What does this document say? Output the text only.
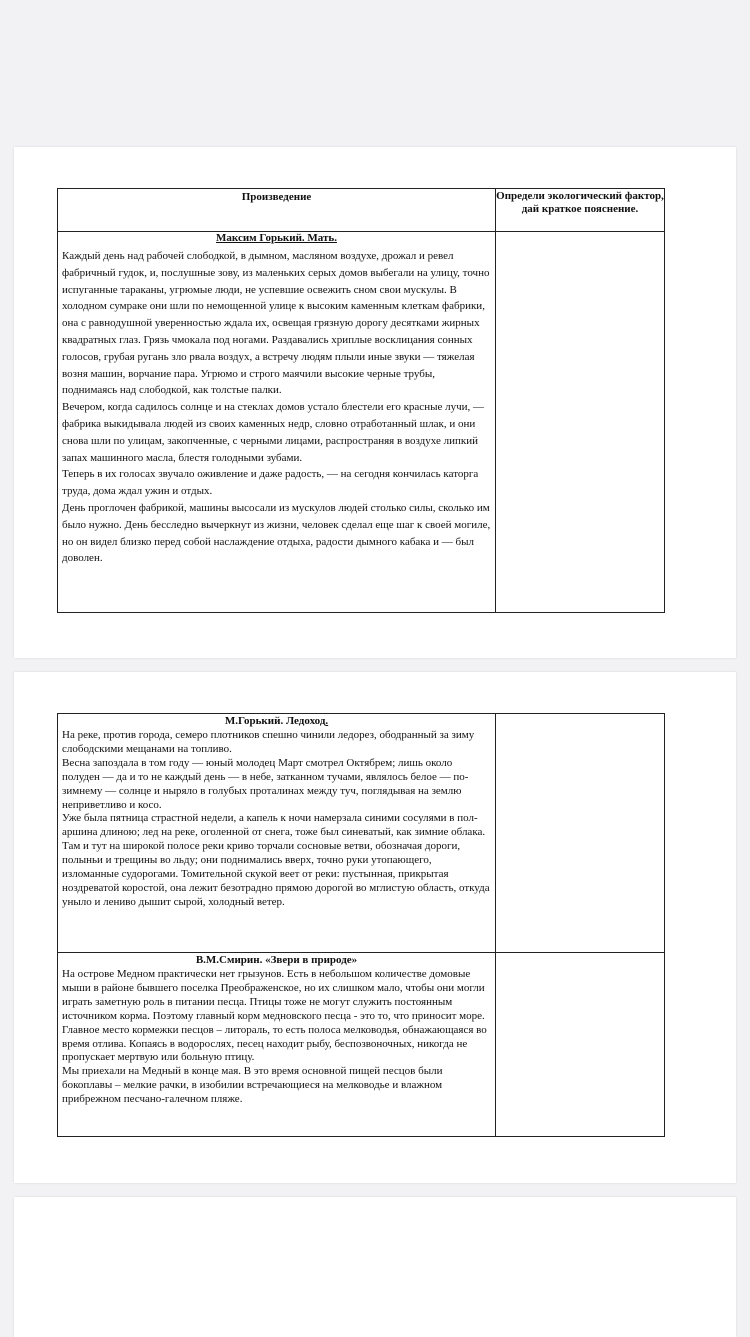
Произведение	Определи экологический фактор, дай краткое пояснение.

Максим Горький. Мать.

Каждый день над рабочей слободкой, в дымном, масляном воздухе, дрожал и ревел фабричный гудок, и, послушные зову, из маленьких серых домов выбегали на улицу, точно испуганные тараканы, угрюмые люди, не успевшие освежить сном свои мускулы. В холодном сумраке они шли по немощенной улице к высоким каменным клеткам фабрики, она с равнодушной уверенностью ждала их, освещая грязную дорогу десятками жирных квадратных глаз. Грязь чмокала под ногами. Раздавались хриплые восклицания сонных голосов, грубая ругань зло рвала воздух, а встречу людям плыли иные звуки — тяжелая возня машин, ворчание пара. Угрюмо и строго маячили высокие черные трубы, поднимаясь над слободкой, как толстые палки.

Вечером, когда садилось солнце и на стеклах домов устало блестели его красные лучи, — фабрика выкидывала людей из своих каменных недр, словно отработанный шлак, и они снова шли по улицам, закопченные, с черными лицами, распространяя в воздухе липкий запах машинного масла, блестя голодными зубами.

Теперь в их голосах звучало оживление и даже радость, — на сегодня кончилась каторга труда, дома ждал ужин и отдых.

День проглочен фабрикой, машины высосали из мускулов людей столько силы, сколько им было нужно. День бесследно вычеркнут из жизни, человек сделал еще шаг к своей могиле, но он видел близко перед собой наслаждение отдыха, радости дымного кабака и — был доволен.	

М.Горький. Ледоход.

На реке, против города, семеро плотников спешно чинили ледорез, ободранный за зиму слободскими мещанами на топливо.

Весна запоздала в том году — юный молодец Март смотрел Октябрем; лишь около полуден — да и то не каждый день — в небе, затканном тучами, являлось белое — по-зимнему — солнце и ныряло в голубых проталинах между туч, поглядывая на землю неприветливо и косо.

Уже была пятница страстной недели, а капель к ночи намерзала синими сосулями в пол-аршина длиною; лед на реке, оголенной от снега, тоже был синеватый, как зимние облака.

Там и тут на широкой полосе реки криво торчали сосновые ветви, обозначая дороги, полыньи и трещины во льду; они поднимались вверх, точно руки утопающего, изломанные судорогами. Томительной скукой веет от реки: пустынная, прикрытая ноздреватой коростой, она лежит безотрадно прямою дорогой во мглистую область, откуда уныло и лениво дышит сырой, холодный ветер.	

В.М.Смирин. «Звери в природе»

На острове Медном практически нет грызунов. Есть в небольшом количестве домовые мыши в районе бывшего поселка Преображенское, но их слишком мало, чтобы они могли играть заметную роль в питании песца. Птицы тоже не могут служить постоянным источником корма. Поэтому главный корм медновского песца - это то, что приносит море. Главное место кормежки песцов – литораль, то есть полоса мелководья, обнажающаяся во время отлива. Копаясь в водорослях, песец находит рыбу, беспозвоночных, никогда не пропускает мертвую или больную птицу.

Мы приехали на Медный в конце мая. В это время основной пищей песцов были бокоплавы – мелкие рачки, в изобилии встречающиеся на мелководье и влажном прибрежном песчано-галечном пляже.	
